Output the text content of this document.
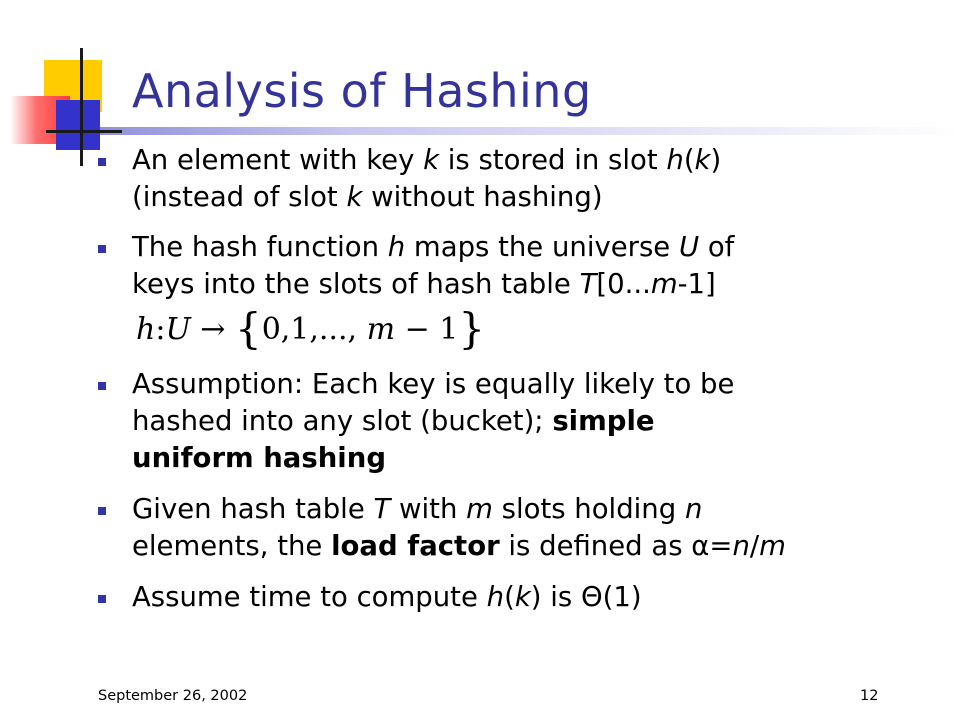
Analysis of Hashing
An element with key k is stored in slot h(k)
(instead of slot k without hashing)
The hash function h maps the universe U of
keys into the slots of hash table T[0...m-1]
h:U → {0,1,..., m − 1}
Assumption: Each key is equally likely to be
hashed into any slot (bucket); simple
uniform hashing
Given hash table T with m slots holding n
elements, the load factor is defined as α=n/m
Assume time to compute h(k) is Θ(1)
September 26, 2002	12
